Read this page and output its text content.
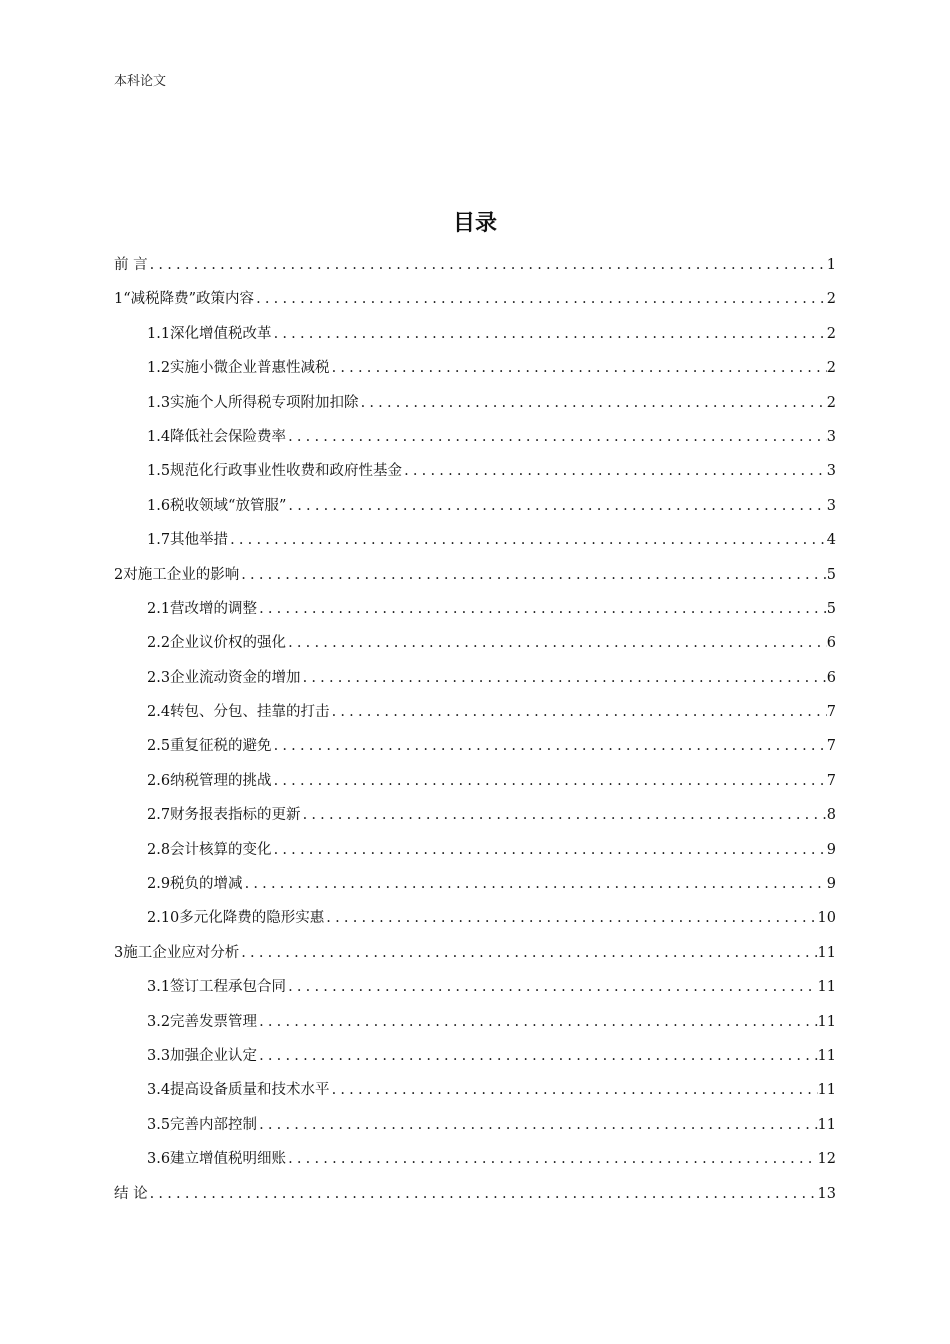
本科论文
目录
前 言 .....	1
1“减税降费”政策内容 .....	2
1.1深化增值税改革 .....	2
1.2实施小微企业普惠性减税 .....	2
1.3实施个人所得税专项附加扣除 .....	2
1.4降低社会保险费率 .....	3
1.5规范化行政事业性收费和政府性基金 .....	3
1.6税收领域“放管服” .....	3
1.7其他举措 .....	4
2对施工企业的影响 .....	5
2.1营改增的调整 .....	5
2.2企业议价权的强化 .....	6
2.3企业流动资金的增加 .....	6
2.4转包、分包、挂靠的打击 .....	7
2.5重复征税的避免 .....	7
2.6纳税管理的挑战 .....	7
2.7财务报表指标的更新 .....	8
2.8会计核算的变化 .....	9
2.9税负的增减 .....	9
2.10多元化降费的隐形实惠 .....	10
3施工企业应对分析 .....	11
3.1签订工程承包合同 .....	11
3.2完善发票管理 .....	11
3.3加强企业认定 .....	11
3.4提高设备质量和技术水平 .....	11
3.5完善内部控制 .....	11
3.6建立增值税明细账 .....	12
结 论 .....	13
